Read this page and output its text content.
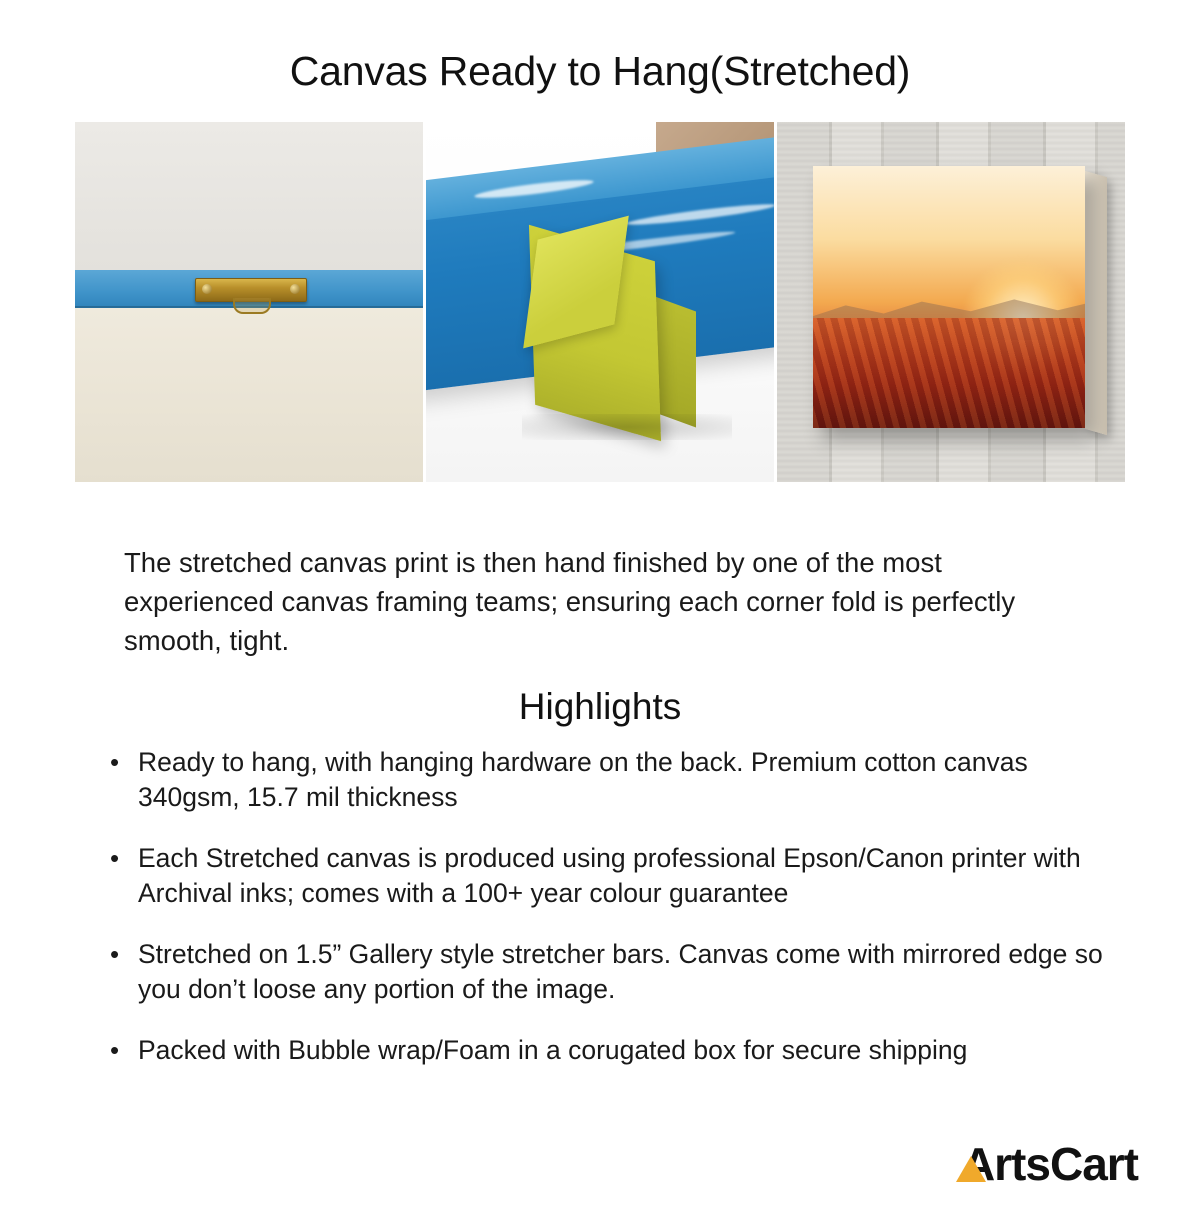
Canvas Ready to Hang(Stretched)

The stretched canvas print is then hand finished by one of the most experienced canvas framing teams; ensuring each corner fold is perfectly smooth, tight.

Highlights
• Ready to hang, with hanging hardware on the back. Premium cotton canvas 340gsm, 15.7 mil thickness
• Each Stretched canvas is produced using professional Epson/Canon printer with Archival inks; comes with a 100+ year colour guarantee
• Stretched on 1.5” Gallery style stretcher bars. Canvas come with mirrored edge so you don’t loose any portion of the image.
• Packed with Bubble wrap/Foam in a corugated box for secure shipping
Arts Cart
